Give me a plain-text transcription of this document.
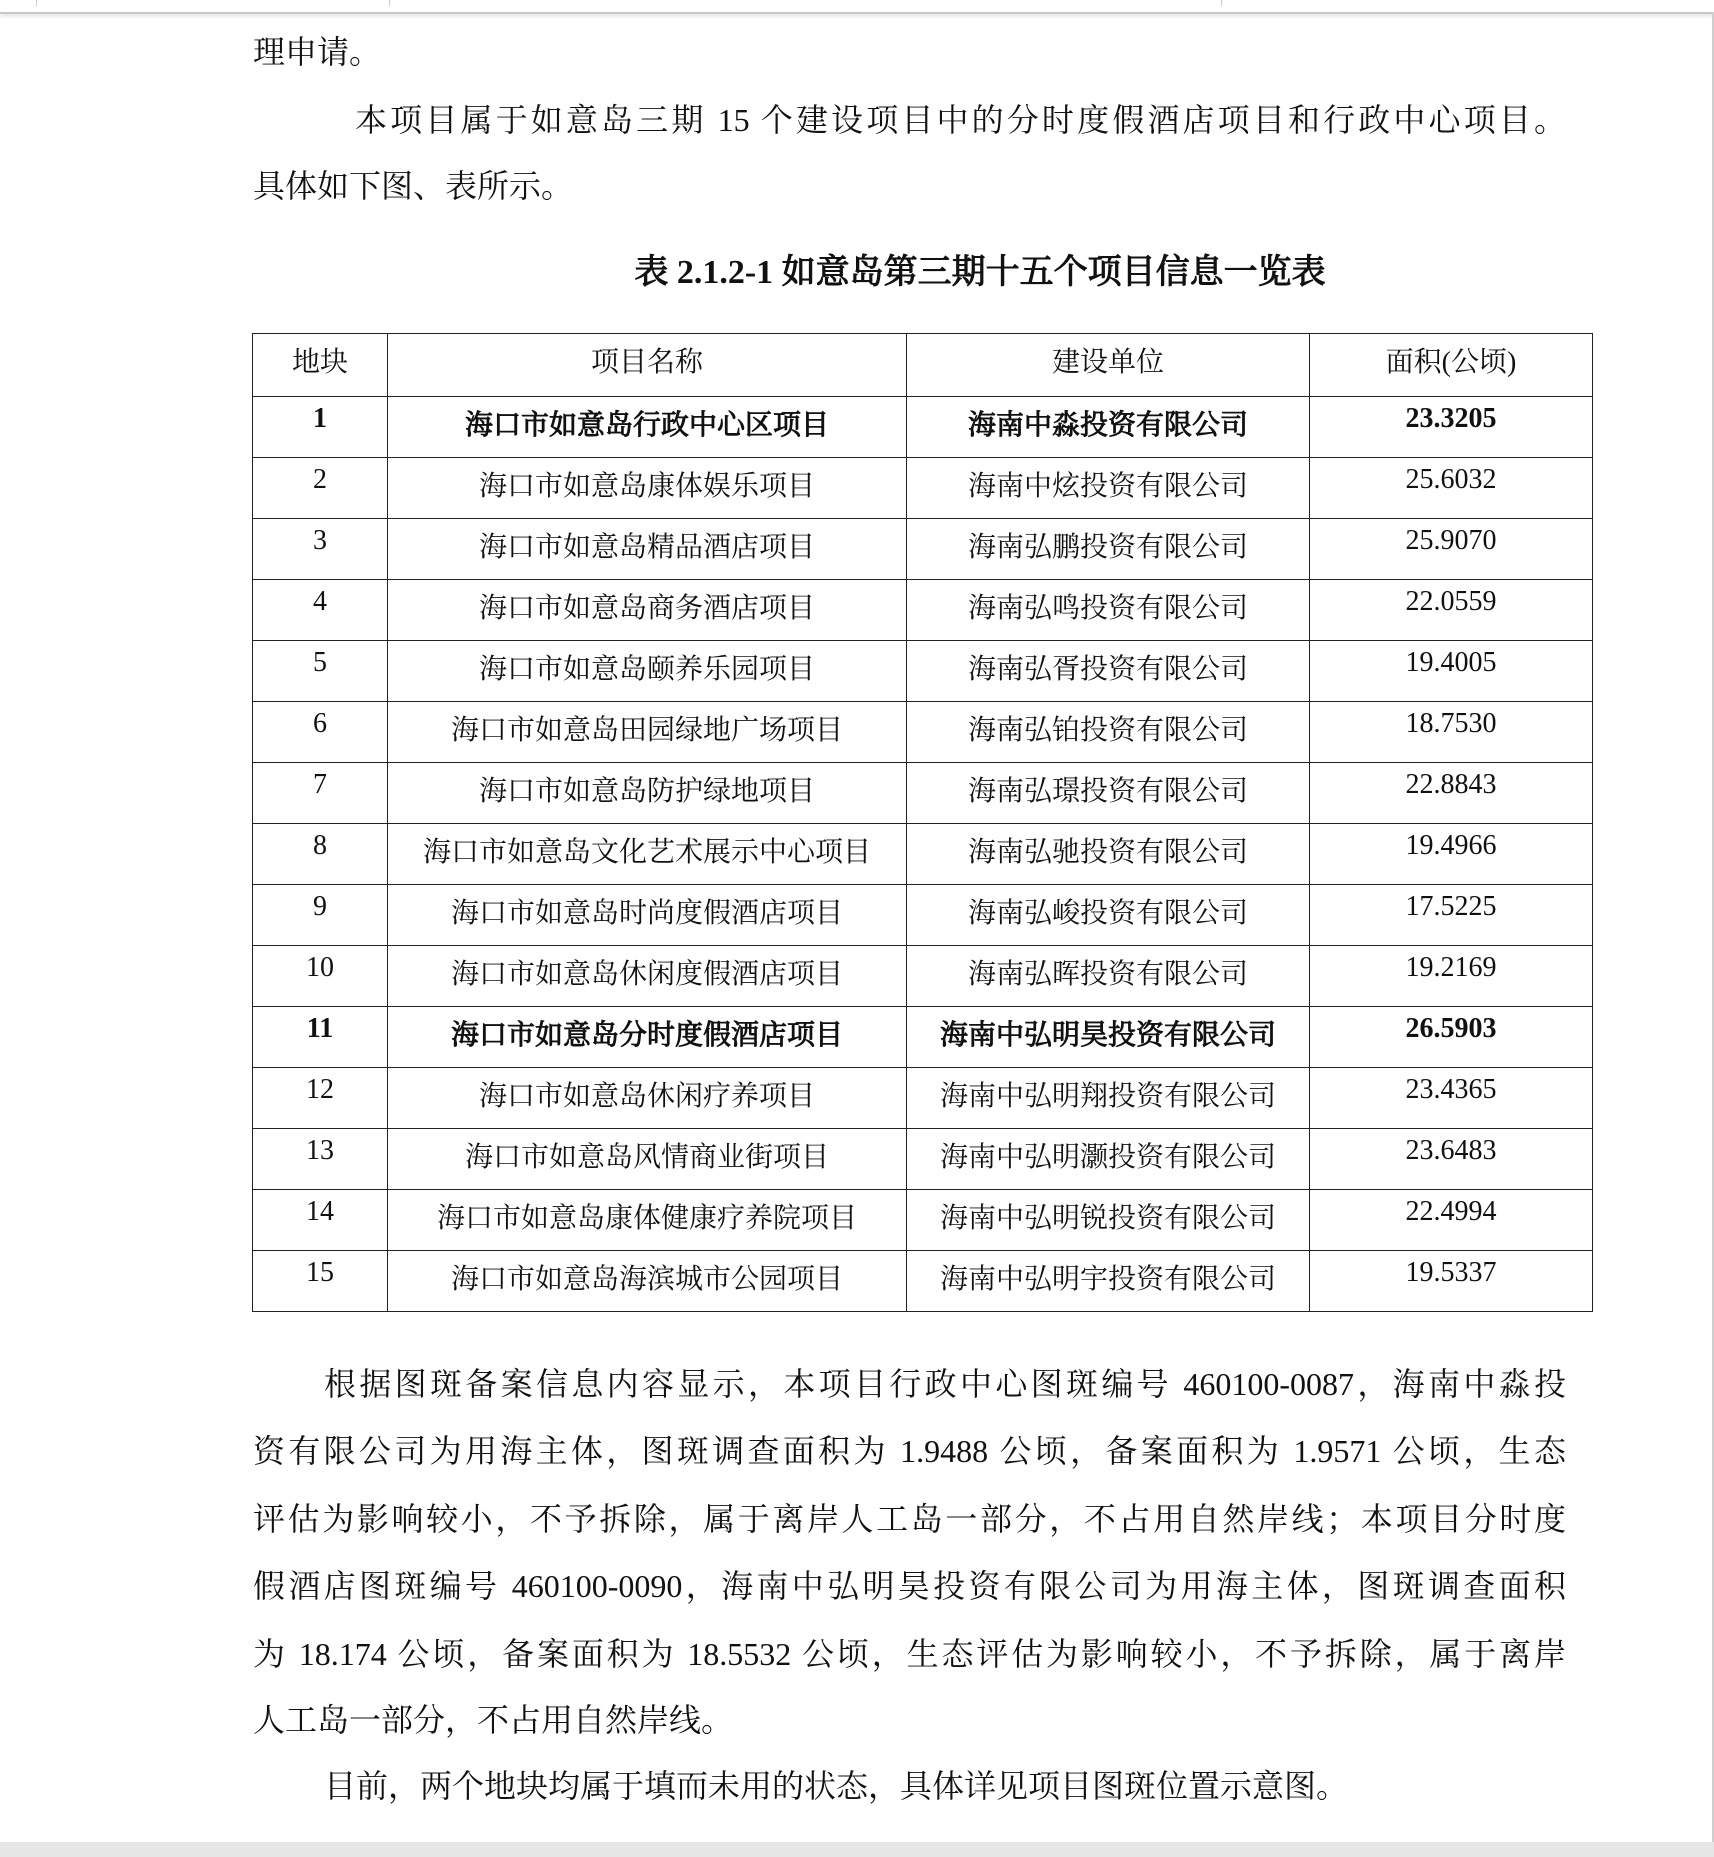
理申请。
本项目属于如意岛三期 15 个建设项目中的分时度假酒店项目和行政中心项目。
具体如下图、表所示。
表 2.1.2-1 如意岛第三期十五个项目信息一览表
地块	项目名称	建设单位	面积(公顷)
1	海口市如意岛行政中心区项目	海南中淼投资有限公司	23.3205
2	海口市如意岛康体娱乐项目	海南中炫投资有限公司	25.6032
3	海口市如意岛精品酒店项目	海南弘鹏投资有限公司	25.9070
4	海口市如意岛商务酒店项目	海南弘鸣投资有限公司	22.0559
5	海口市如意岛颐养乐园项目	海南弘胥投资有限公司	19.4005
6	海口市如意岛田园绿地广场项目	海南弘铂投资有限公司	18.7530
7	海口市如意岛防护绿地项目	海南弘璟投资有限公司	22.8843
8	海口市如意岛文化艺术展示中心项目	海南弘驰投资有限公司	19.4966
9	海口市如意岛时尚度假酒店项目	海南弘峻投资有限公司	17.5225
10	海口市如意岛休闲度假酒店项目	海南弘晖投资有限公司	19.2169
11	海口市如意岛分时度假酒店项目	海南中弘明昊投资有限公司	26.5903
12	海口市如意岛休闲疗养项目	海南中弘明翔投资有限公司	23.4365
13	海口市如意岛风情商业街项目	海南中弘明灏投资有限公司	23.6483
14	海口市如意岛康体健康疗养院项目	海南中弘明锐投资有限公司	22.4994
15	海口市如意岛海滨城市公园项目	海南中弘明宇投资有限公司	19.5337
根据图斑备案信息内容显示，本项目行政中心图斑编号 460100-0087，海南中淼投
资有限公司为用海主体，图斑调查面积为 1.9488 公顷，备案面积为 1.9571 公顷，生态
评估为影响较小，不予拆除，属于离岸人工岛一部分，不占用自然岸线；本项目分时度
假酒店图斑编号 460100-0090，海南中弘明昊投资有限公司为用海主体，图斑调查面积
为 18.174 公顷，备案面积为 18.5532 公顷，生态评估为影响较小，不予拆除，属于离岸
人工岛一部分，不占用自然岸线。
目前，两个地块均属于填而未用的状态，具体详见项目图斑位置示意图。
